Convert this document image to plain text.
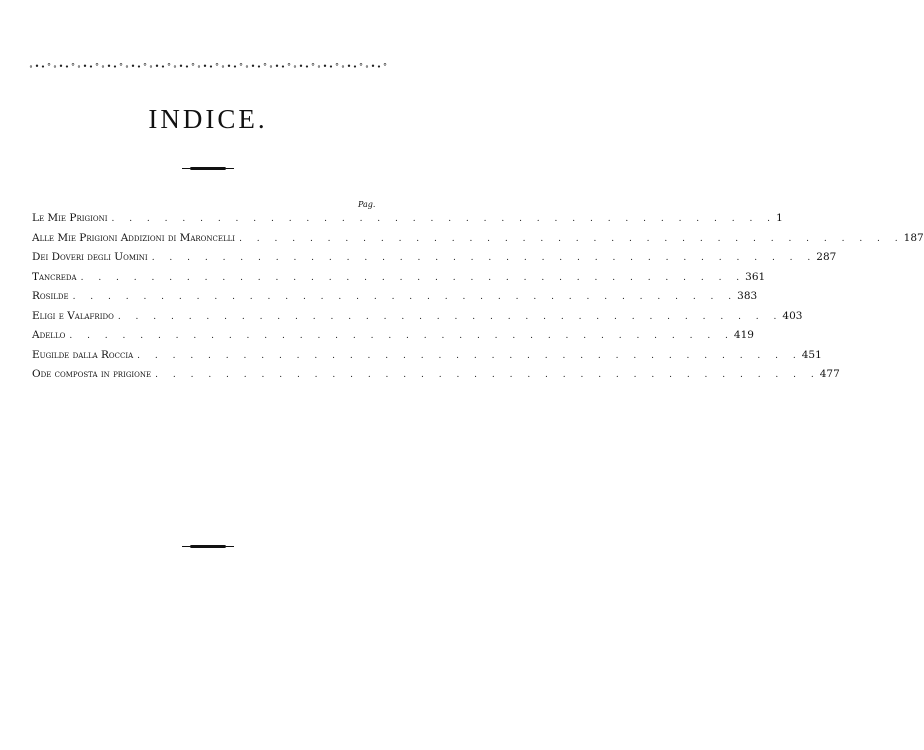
∘ • ∙ ° ∘ • ∙ ° ∘ • ∙ ° ∘ • ∙ ° ∘ • ∙ ° ∘ • ∙ ° ∘ • ∙ ° ∘ • ∙ ° ∘ • ∙ ° ∘ • ∙ ° ∘ • ∙ ° ∘ • ∙ ° ∘ • ∙ ° ∘ • ∙ ° ∘ • ∙ °
INDICE.
Pag.
Le Mie Prigioni . . . . . . . . . . . . . . . . . . . . . . . . . . . . . . . . . . . . . . 1
Alle Mie Prigioni Addizioni di Maroncelli . . . . . . . . . . . . . . . . . . . . . . . . . . . . . . . . . . . . . . 187
Dei Doveri degli Uomini . . . . . . . . . . . . . . . . . . . . . . . . . . . . . . . . . . . . . . 287
Tancreda . . . . . . . . . . . . . . . . . . . . . . . . . . . . . . . . . . . . . . 361
Rosilde . . . . . . . . . . . . . . . . . . . . . . . . . . . . . . . . . . . . . . 383
Eligi e Valafrido . . . . . . . . . . . . . . . . . . . . . . . . . . . . . . . . . . . . . . 403
Adello . . . . . . . . . . . . . . . . . . . . . . . . . . . . . . . . . . . . . . 419
Eugilde dalla Roccia . . . . . . . . . . . . . . . . . . . . . . . . . . . . . . . . . . . . . . 451
Ode composta in prigione . . . . . . . . . . . . . . . . . . . . . . . . . . . . . . . . . . . . . . 477
